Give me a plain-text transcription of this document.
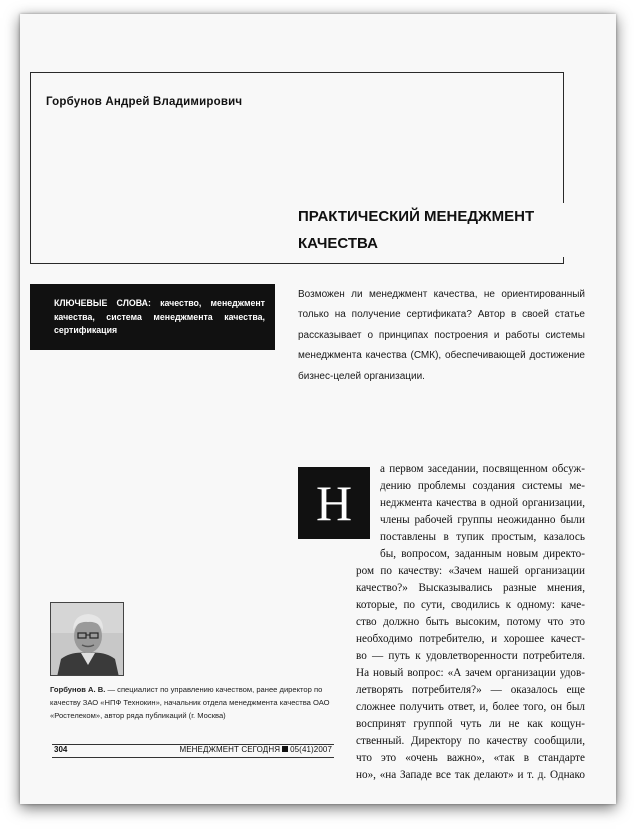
Горбунов Андрей Владимирович
ПРАКТИЧЕСКИЙ МЕНЕДЖМЕНТ
КАЧЕСТВА
КЛЮЧЕВЫЕ СЛОВА: качество, менеджмент качества, система менеджмента качества, сертификация
Возможен ли менеджмент качества, не ориентированный только на получение сертификата? Автор в своей статье рассказывает о принципах построения и работы системы менеджмента качества (СМК), обеспечивающей достижение бизнес-целей организации.
Н
а первом заседании, посвященном обсуж-
дению проблемы создания системы ме-
неджмента качества в одной организации,
члены рабочей группы неожиданно были
поставлены в тупик простым, казалось
бы, вопросом, заданным новым директо-
ром по качеству: «Зачем нашей организации
качество?» Высказывались разные мнения,
которые, по сути, сводились к одному: каче-
ство должно быть высоким, потому что это
необходимо потребителю, и хорошее качест-
во — путь к удовлетворенности потребителя.
На новый вопрос: «А зачем организации удов-
летворять потребителя?» — оказалось еще
сложнее получить ответ, и, более того, он был
воспринят группой чуть ли не как кощун-
ственный. Директору по качеству сообщили,
что это «очень важно», «так в стандарте
но», «на Западе все так делают» и т. д. Однако
Горбунов А. В. — специалист по управлению качеством, ранее директор по качеству ЗАО «НПФ Технокин», начальник отдела менеджмента качества ОАО «Ростелеком», автор ряда публикаций (г. Москва)
304	МЕНЕДЖМЕНТ СЕГОДНЯ 05(41)2007
